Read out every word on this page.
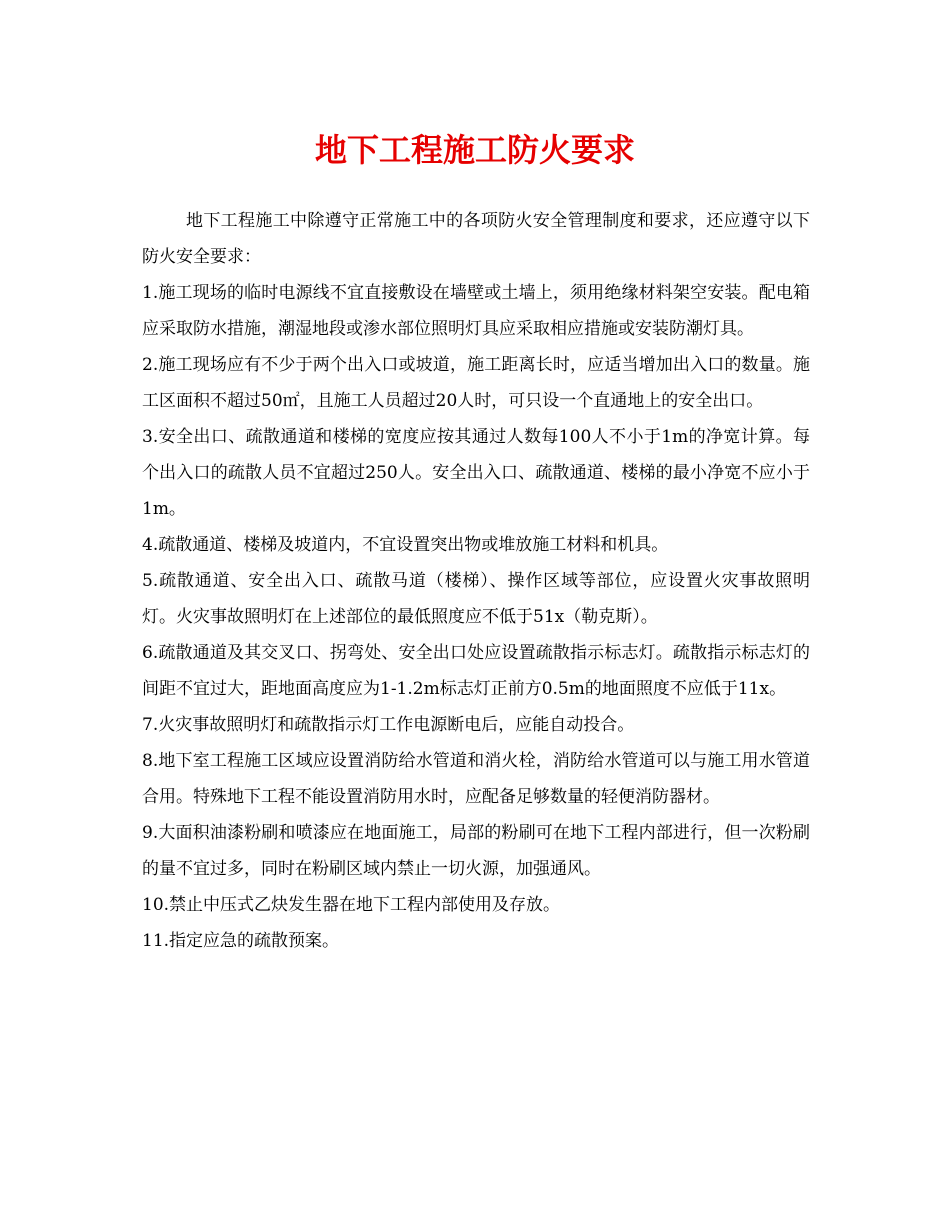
地下工程施工防火要求

地下工程施工中除遵守正常施工中的各项防火安全管理制度和要求，还应遵守以下防火安全要求：

1.施工现场的临时电源线不宜直接敷设在墙壁或土墙上，须用绝缘材料架空安装。配电箱应采取防水措施，潮湿地段或渗水部位照明灯具应采取相应措施或安装防潮灯具。

2.施工现场应有不少于两个出入口或坡道，施工距离长时，应适当增加出入口的数量。施工区面积不超过50㎡，且施工人员超过20人时，可只设一个直通地上的安全出口。

3.安全出口、疏散通道和楼梯的宽度应按其通过人数每100人不小于1m的净宽计算。每个出入口的疏散人员不宜超过250人。安全出入口、疏散通道、楼梯的最小净宽不应小于1m。

4.疏散通道、楼梯及坡道内，不宜设置突出物或堆放施工材料和机具。

5.疏散通道、安全出入口、疏散马道（楼梯）、操作区域等部位，应设置火灾事故照明灯。火灾事故照明灯在上述部位的最低照度应不低于51x（勒克斯）。

6.疏散通道及其交叉口、拐弯处、安全出口处应设置疏散指示标志灯。疏散指示标志灯的间距不宜过大，距地面高度应为1-1.2m标志灯正前方0.5m的地面照度不应低于11x。

7.火灾事故照明灯和疏散指示灯工作电源断电后，应能自动投合。

8.地下室工程施工区域应设置消防给水管道和消火栓，消防给水管道可以与施工用水管道合用。特殊地下工程不能设置消防用水时，应配备足够数量的轻便消防器材。

9.大面积油漆粉刷和喷漆应在地面施工，局部的粉刷可在地下工程内部进行，但一次粉刷的量不宜过多，同时在粉刷区域内禁止一切火源，加强通风。

10.禁止中压式乙炔发生器在地下工程内部使用及存放。

11.指定应急的疏散预案。
